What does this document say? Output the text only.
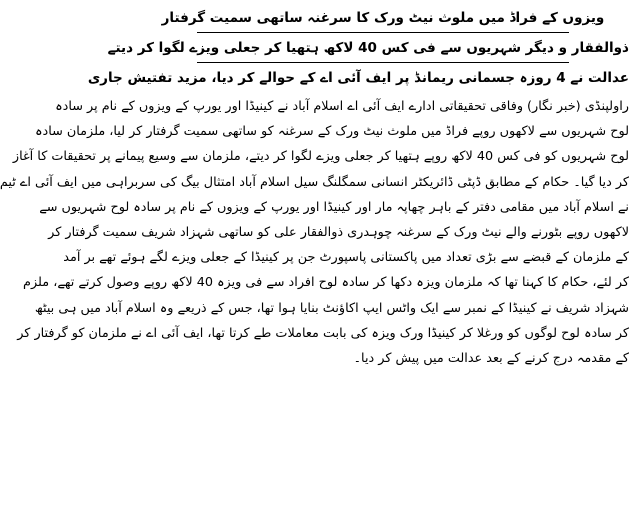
ویزوں کے فراڈ میں ملوث نیٹ ورک کا سرغنہ ساتھی سمیت گرفتار
ذوالفقار و دیگر شہریوں سے فی کس 40 لاکھ ہتھیا کر جعلی ویزے لگوا کر دیتے
عدالت نے 4 روزہ جسمانی ریمانڈ پر ایف آئی اے کے حوالے کر دیا، مزید تفتیش جاری
راولپنڈی (خبر نگار) وفاقی تحقیقاتی ادارے ایف آئی اے اسلام آباد نے کینیڈا اور یورپ کے ویزوں کے نام پر سادہ
لوح شہریوں سے لاکھوں روپے فراڈ میں ملوث نیٹ ورک کے سرغنہ کو ساتھی سمیت گرفتار کر لیا، ملزمان سادہ
لوح شہریوں کو فی کس 40 لاکھ روپے ہتھیا کر جعلی ویزے لگوا کر دیتے، ملزمان سے وسیع پیمانے پر تحقیقات کا آغاز
کر دیا گیا۔ حکام کے مطابق ڈپٹی ڈائریکٹر انسانی سمگلنگ سیل اسلام آباد امتثال بیگ کی سربراہی میں ایف آئی اے ٹیم
نے اسلام آباد میں مقامی دفتر کے باہر چھاپہ مار اور کینیڈا اور یورپ کے ویزوں کے نام پر سادہ لوح شہریوں سے
لاکھوں روپے بٹورنے والے نیٹ ورک کے سرغنہ چوہدری ذوالفقار علی کو ساتھی شہزاد شریف سمیت گرفتار کر
کے ملزمان کے قبضے سے بڑی تعداد میں پاکستانی پاسپورٹ جن پر کینیڈا کے جعلی ویزے لگے ہوئے تھے بر آمد
کر لئے، حکام کا کہنا تھا کہ ملزمان ویزہ دکھا کر سادہ لوح افراد سے فی ویزہ 40 لاکھ روپے وصول کرتے تھے، ملزم
شہزاد شریف نے کینیڈا کے نمبر سے ایک واٹس ایپ اکاؤنٹ بنایا ہوا تھا، جس کے ذریعے وہ اسلام آباد میں ہی بیٹھ
کر سادہ لوح لوگوں کو ورغلا کر کینیڈا ورک ویزہ کی بابت معاملات طے کرتا تھا، ایف آئی اے نے ملزمان کو گرفتار کر
کے مقدمہ درج کرنے کے بعد عدالت میں پیش کر دیا۔
